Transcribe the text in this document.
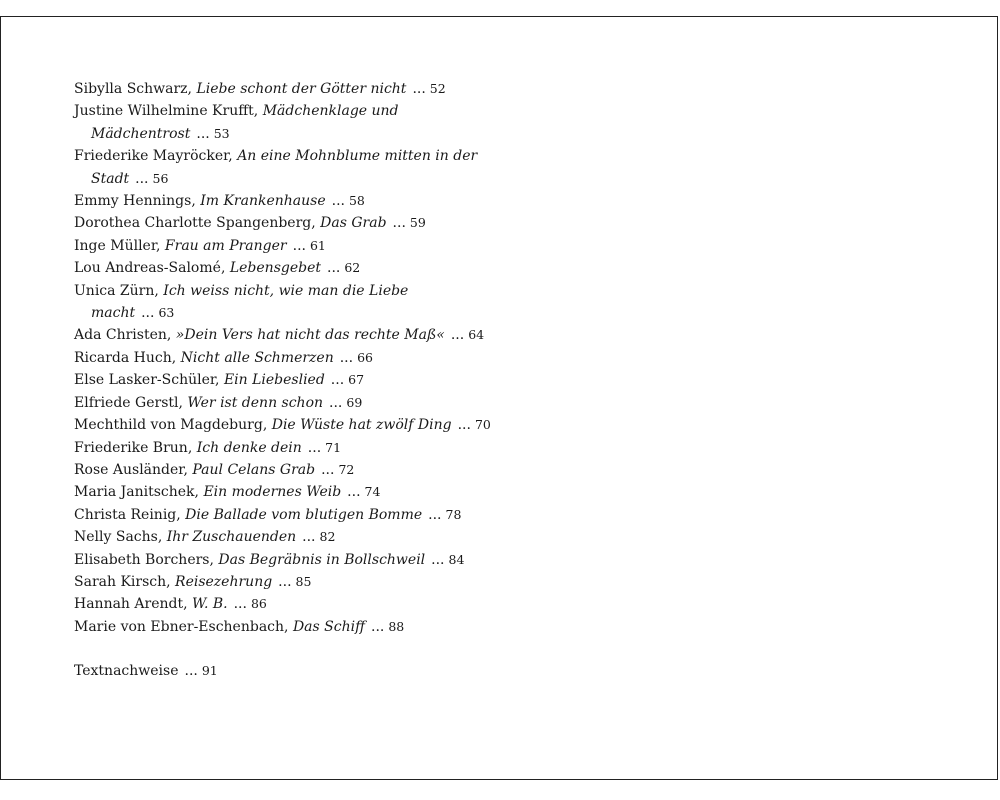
Sibylla Schwarz, Liebe schont der Götter nicht ... 52
Justine Wilhelmine Krufft, Mädchenklage und Mädchentrost ... 53
Friederike Mayröcker, An eine Mohnblume mitten in der Stadt ... 56
Emmy Hennings, Im Krankenhause ... 58
Dorothea Charlotte Spangenberg, Das Grab ... 59
Inge Müller, Frau am Pranger ... 61
Lou Andreas-Salomé, Lebensgebet ... 62
Unica Zürn, Ich weiss nicht, wie man die Liebe macht ... 63
Ada Christen, »Dein Vers hat nicht das rechte Maß« ... 64
Ricarda Huch, Nicht alle Schmerzen ... 66
Else Lasker-Schüler, Ein Liebeslied ... 67
Elfriede Gerstl, Wer ist denn schon ... 69
Mechthild von Magdeburg, Die Wüste hat zwölf Ding ... 70
Friederike Brun, Ich denke dein ... 71
Rose Ausländer, Paul Celans Grab ... 72
Maria Janitschek, Ein modernes Weib ... 74
Christa Reinig, Die Ballade vom blutigen Bomme ... 78
Nelly Sachs, Ihr Zuschauenden ... 82
Elisabeth Borchers, Das Begräbnis in Bollschweil ... 84
Sarah Kirsch, Reisezehrung ... 85
Hannah Arendt, W. B. ... 86
Marie von Ebner-Eschenbach, Das Schiff ... 88
Textnachweise ... 91
